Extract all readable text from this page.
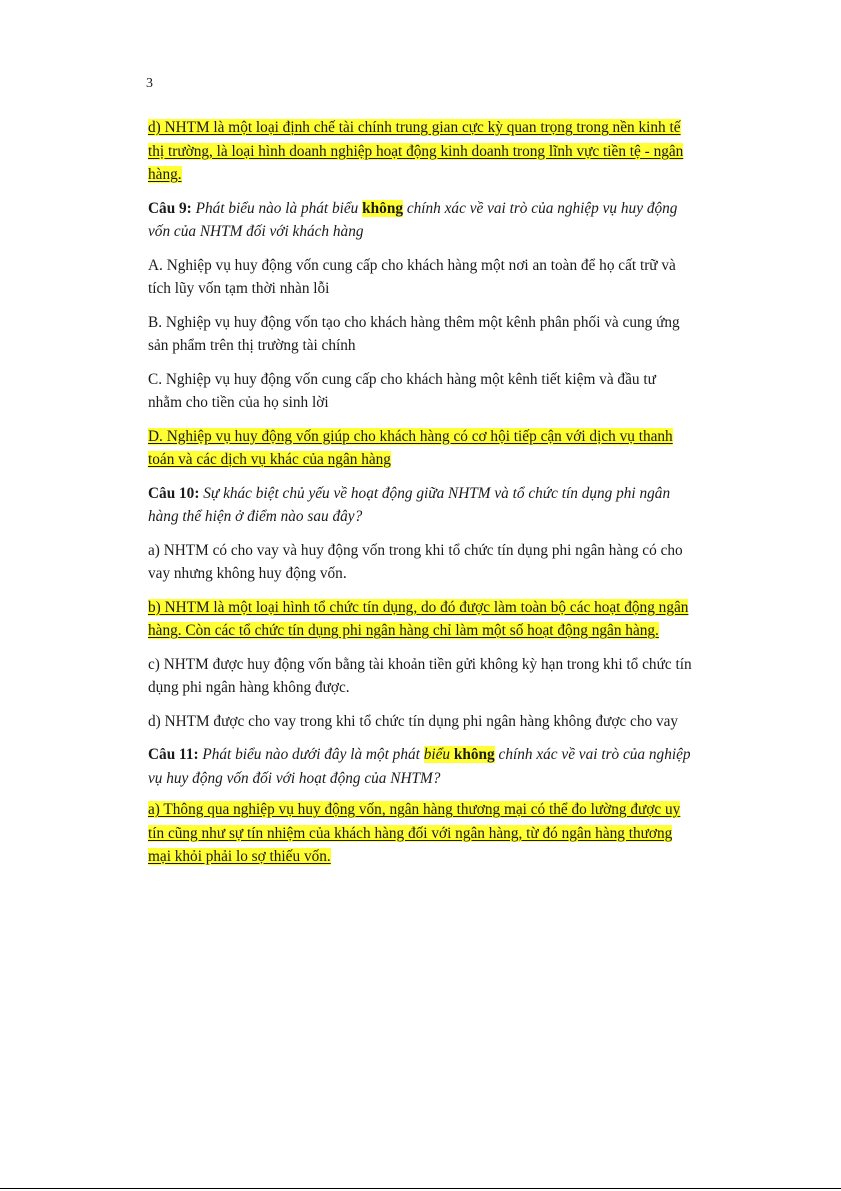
3

d) NHTM là một loại định chế tài chính trung gian cực kỳ quan trọng trong nền kinh tế thị trường, là loại hình doanh nghiệp hoạt động kinh doanh trong lĩnh vực tiền tệ - ngân hàng.

Câu 9: Phát biểu nào là phát biểu không chính xác về vai trò của nghiệp vụ huy động vốn của NHTM đối với khách hàng

A. Nghiệp vụ huy động vốn cung cấp cho khách hàng một nơi an toàn để họ cất trữ và tích lũy vốn tạm thời nhàn lỗi

B. Nghiệp vụ huy động vốn tạo cho khách hàng thêm một kênh phân phối và cung ứng sản phẩm trên thị trường tài chính

C. Nghiệp vụ huy động vốn cung cấp cho khách hàng một kênh tiết kiệm và đầu tư nhằm cho tiền của họ sinh lời

D. Nghiệp vụ huy động vốn giúp cho khách hàng có cơ hội tiếp cận với dịch vụ thanh toán và các dịch vụ khác của ngân hàng

Câu 10: Sự khác biệt chủ yếu về hoạt động giữa NHTM và tổ chức tín dụng phi ngân hàng thể hiện ở điểm nào sau đây?

a) NHTM có cho vay và huy động vốn trong khi tổ chức tín dụng phi ngân hàng có cho vay nhưng không huy động vốn.

b) NHTM là một loại hình tổ chức tín dụng, do đó được làm toàn bộ các hoạt động ngân hàng. Còn các tổ chức tín dụng phi ngân hàng chỉ làm một số hoạt động ngân hàng.

c) NHTM được huy động vốn bằng tài khoản tiền gửi không kỳ hạn trong khi tổ chức tín dụng phi ngân hàng không được.

d) NHTM được cho vay trong khi tổ chức tín dụng phi ngân hàng không được cho vay

Câu 11: Phát biểu nào dưới đây là một phát biểu không chính xác về vai trò của nghiệp vụ huy động vốn đối với hoạt động của NHTM?

a) Thông qua nghiệp vụ huy động vốn, ngân hàng thương mại có thể đo lường được uy tín cũng như sự tín nhiệm của khách hàng đối với ngân hàng, từ đó ngân hàng thương mại khỏi phải lo sợ thiếu vốn.
